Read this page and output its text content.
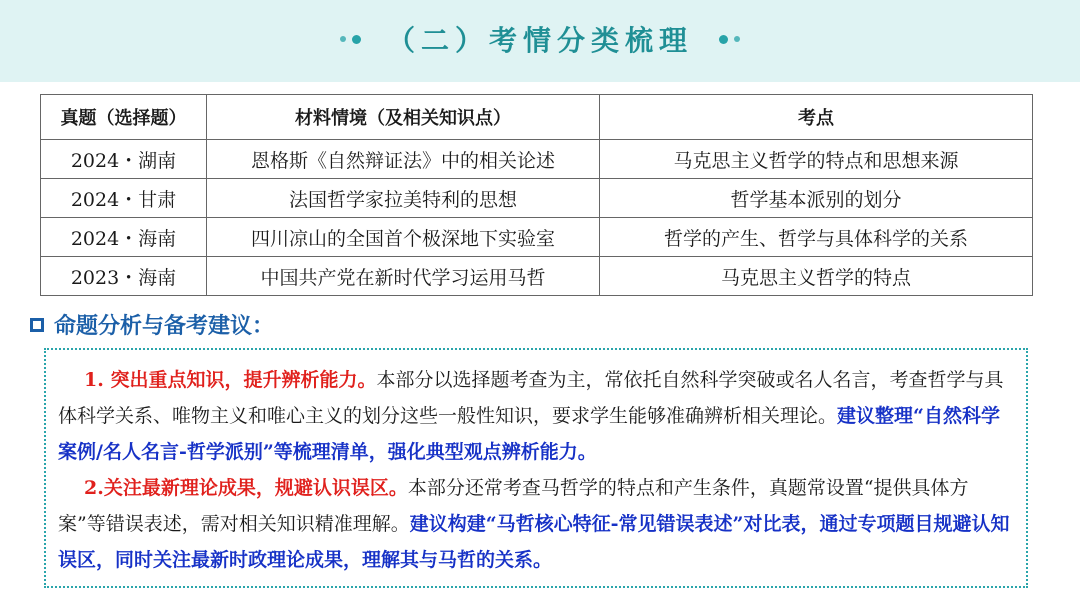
（二）考情分类梳理
真题（选择题）	材料情境（及相关知识点）	考点
2024・湖南	恩格斯《自然辩证法》中的相关论述	马克思主义哲学的特点和思想来源
2024・甘肃	法国哲学家拉美特利的思想	哲学基本派别的划分
2024・海南	四川凉山的全国首个极深地下实验室	哲学的产生、哲学与具体科学的关系
2023・海南	中国共产党在新时代学习运用马哲	马克思主义哲学的特点
命题分析与备考建议：

1. 突出重点知识，提升辨析能力。本部分以选择题考查为主，常依托自然科学突破或名人名言，考查哲学与具体科学关系、唯物主义和唯心主义的划分这些一般性知识，要求学生能够准确辨析相关理论。建议整理“自然科学案例/名人名言-哲学派别”等梳理清单，强化典型观点辨析能力。

2.关注最新理论成果，规避认识误区。本部分还常考查马哲学的特点和产生条件，真题常设置“提供具体方案”等错误表述，需对相关知识精准理解。建议构建“马哲核心特征-常见错误表述”对比表，通过专项题目规避认知误区，同时关注最新时政理论成果，理解其与马哲的关系。
